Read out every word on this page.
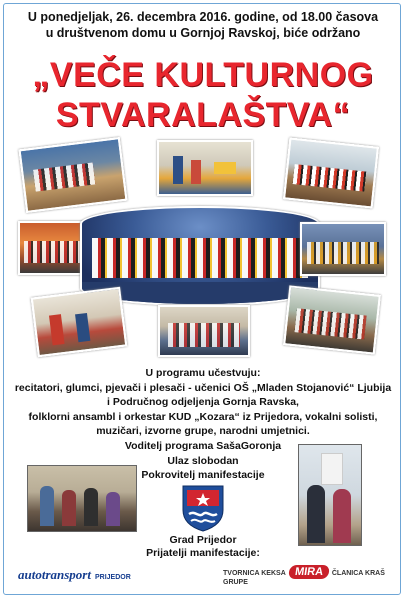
U ponedjeljak, 26. decembra 2016. godine, od 18.00 časova
u društvenom domu u Gornjoj Ravskoj, biće održano
„VEČE KULTURNOG
STVARALAŠTVA“
U programu učestvuju:
recitatori, glumci, pjevači i plesači - učenici OŠ „Mladen Stojanović“ Ljubija
i Područnog odjeljenja Gornja Ravska,
folklorni ansambl i orkestar KUD „Kozara“ iz Prijedora, vokalni solisti,
muzičari, izvorne grupe, narodni umjetnici.
Voditelj programa SašaGoronja
Ulaz slobodan
Pokrovitelj manifestacije
Grad Prijedor
Prijatelji manifestacije:
autotransport PRIJEDOR
TVORNICA KEKSA MIRA ČLANICA KRAŠ GRUPE
